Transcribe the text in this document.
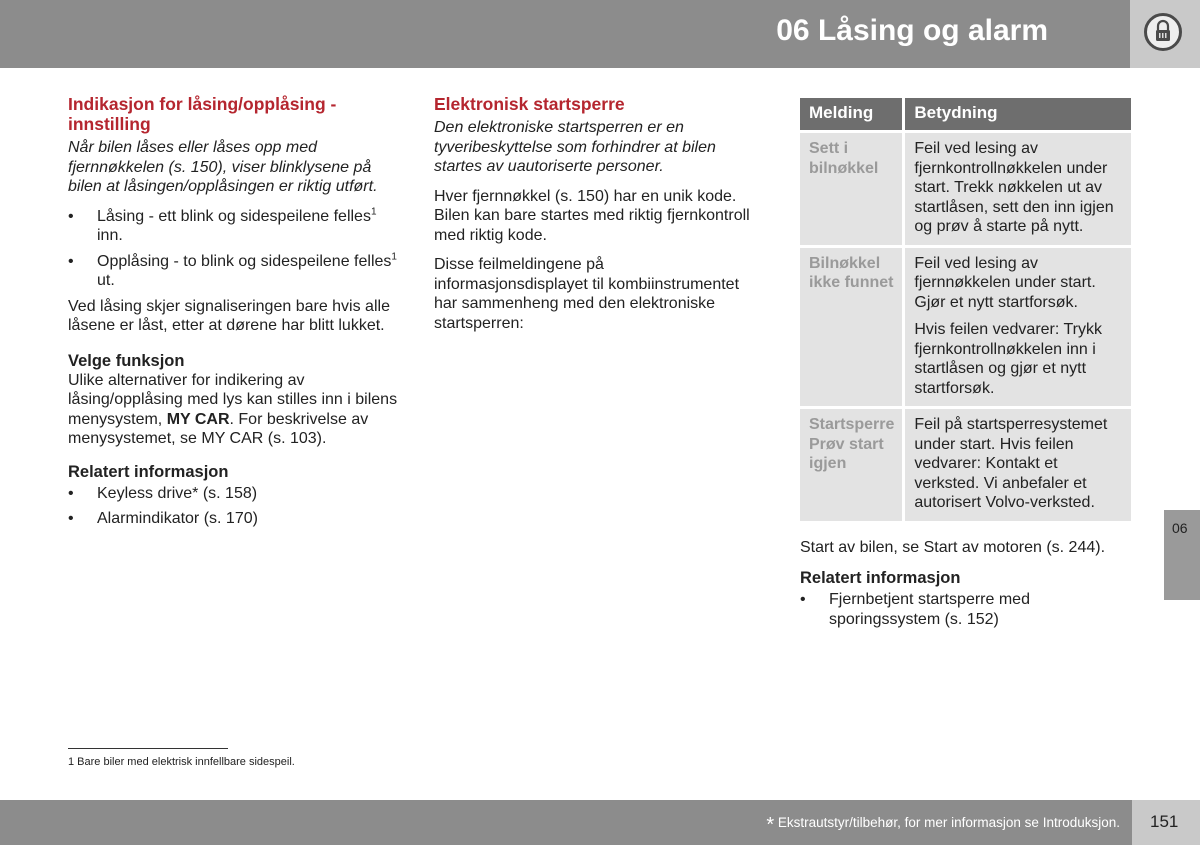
06 Låsing og alarm
Indikasjon for låsing/opplåsing - innstilling

Når bilen låses eller låses opp med fjernnøkkelen (s. 150), viser blinklysene på bilen at låsingen/opplåsingen er riktig utført.

• Låsing - ett blink og sidespeilene felles$^1$ inn.
• Opplåsing - to blink og sidespeilene felles$^1$ ut.

Ved låsing skjer signaliseringen bare hvis alle låsene er låst, etter at dørene har blitt lukket.

Velge funksjon

Ulike alternativer for indikering av låsing/opplåsing med lys kan stilles inn i bilens menysystem, MY CAR. For beskrivelse av menysystemet, se MY CAR (s. 103).

Relatert informasjon
• Keyless drive* (s. 158)
• Alarmindikator (s. 170)
Elektronisk startsperre

Den elektroniske startsperren er en tyveribeskyttelse som forhindrer at bilen startes av uautoriserte personer.

Hver fjernnøkkel (s. 150) har en unik kode. Bilen kan bare startes med riktig fjernkontroll med riktig kode.

Disse feilmeldingene på informasjonsdisplayet til kombiinstrumentet har sammenheng med den elektroniske startsperren:

Melding	Betydning
Sett i bilnøkkel	Feil ved lesing av fjernkontrollnøkkelen under start. Trekk nøkkelen ut av startlåsen, sett den inn igjen og prøv å starte på nytt.

Bilnøkkel ikke funnet	Feil ved lesing av fjernnøkkelen under start. Gjør et nytt startforsøk.

Hvis feilen vedvarer: Trykk fjernkontrollnøkkelen inn i startlåsen og gjør et nytt startforsøk.

Startsperre Prøv start igjen	Feil på startsperresystemet under start. Hvis feilen vedvarer: Kontakt et verksted. Vi anbefaler et autorisert Volvo-verksted.

Start av bilen, se Start av motoren (s. 244).

Relatert informasjon
• Fjernbetjent startsperre med sporingssystem (s. 152)
06
1 Bare biler med elektrisk innfellbare sidespeil.
* Ekstrautstyr/tilbehør, for mer informasjon se Introduksjon. 151
